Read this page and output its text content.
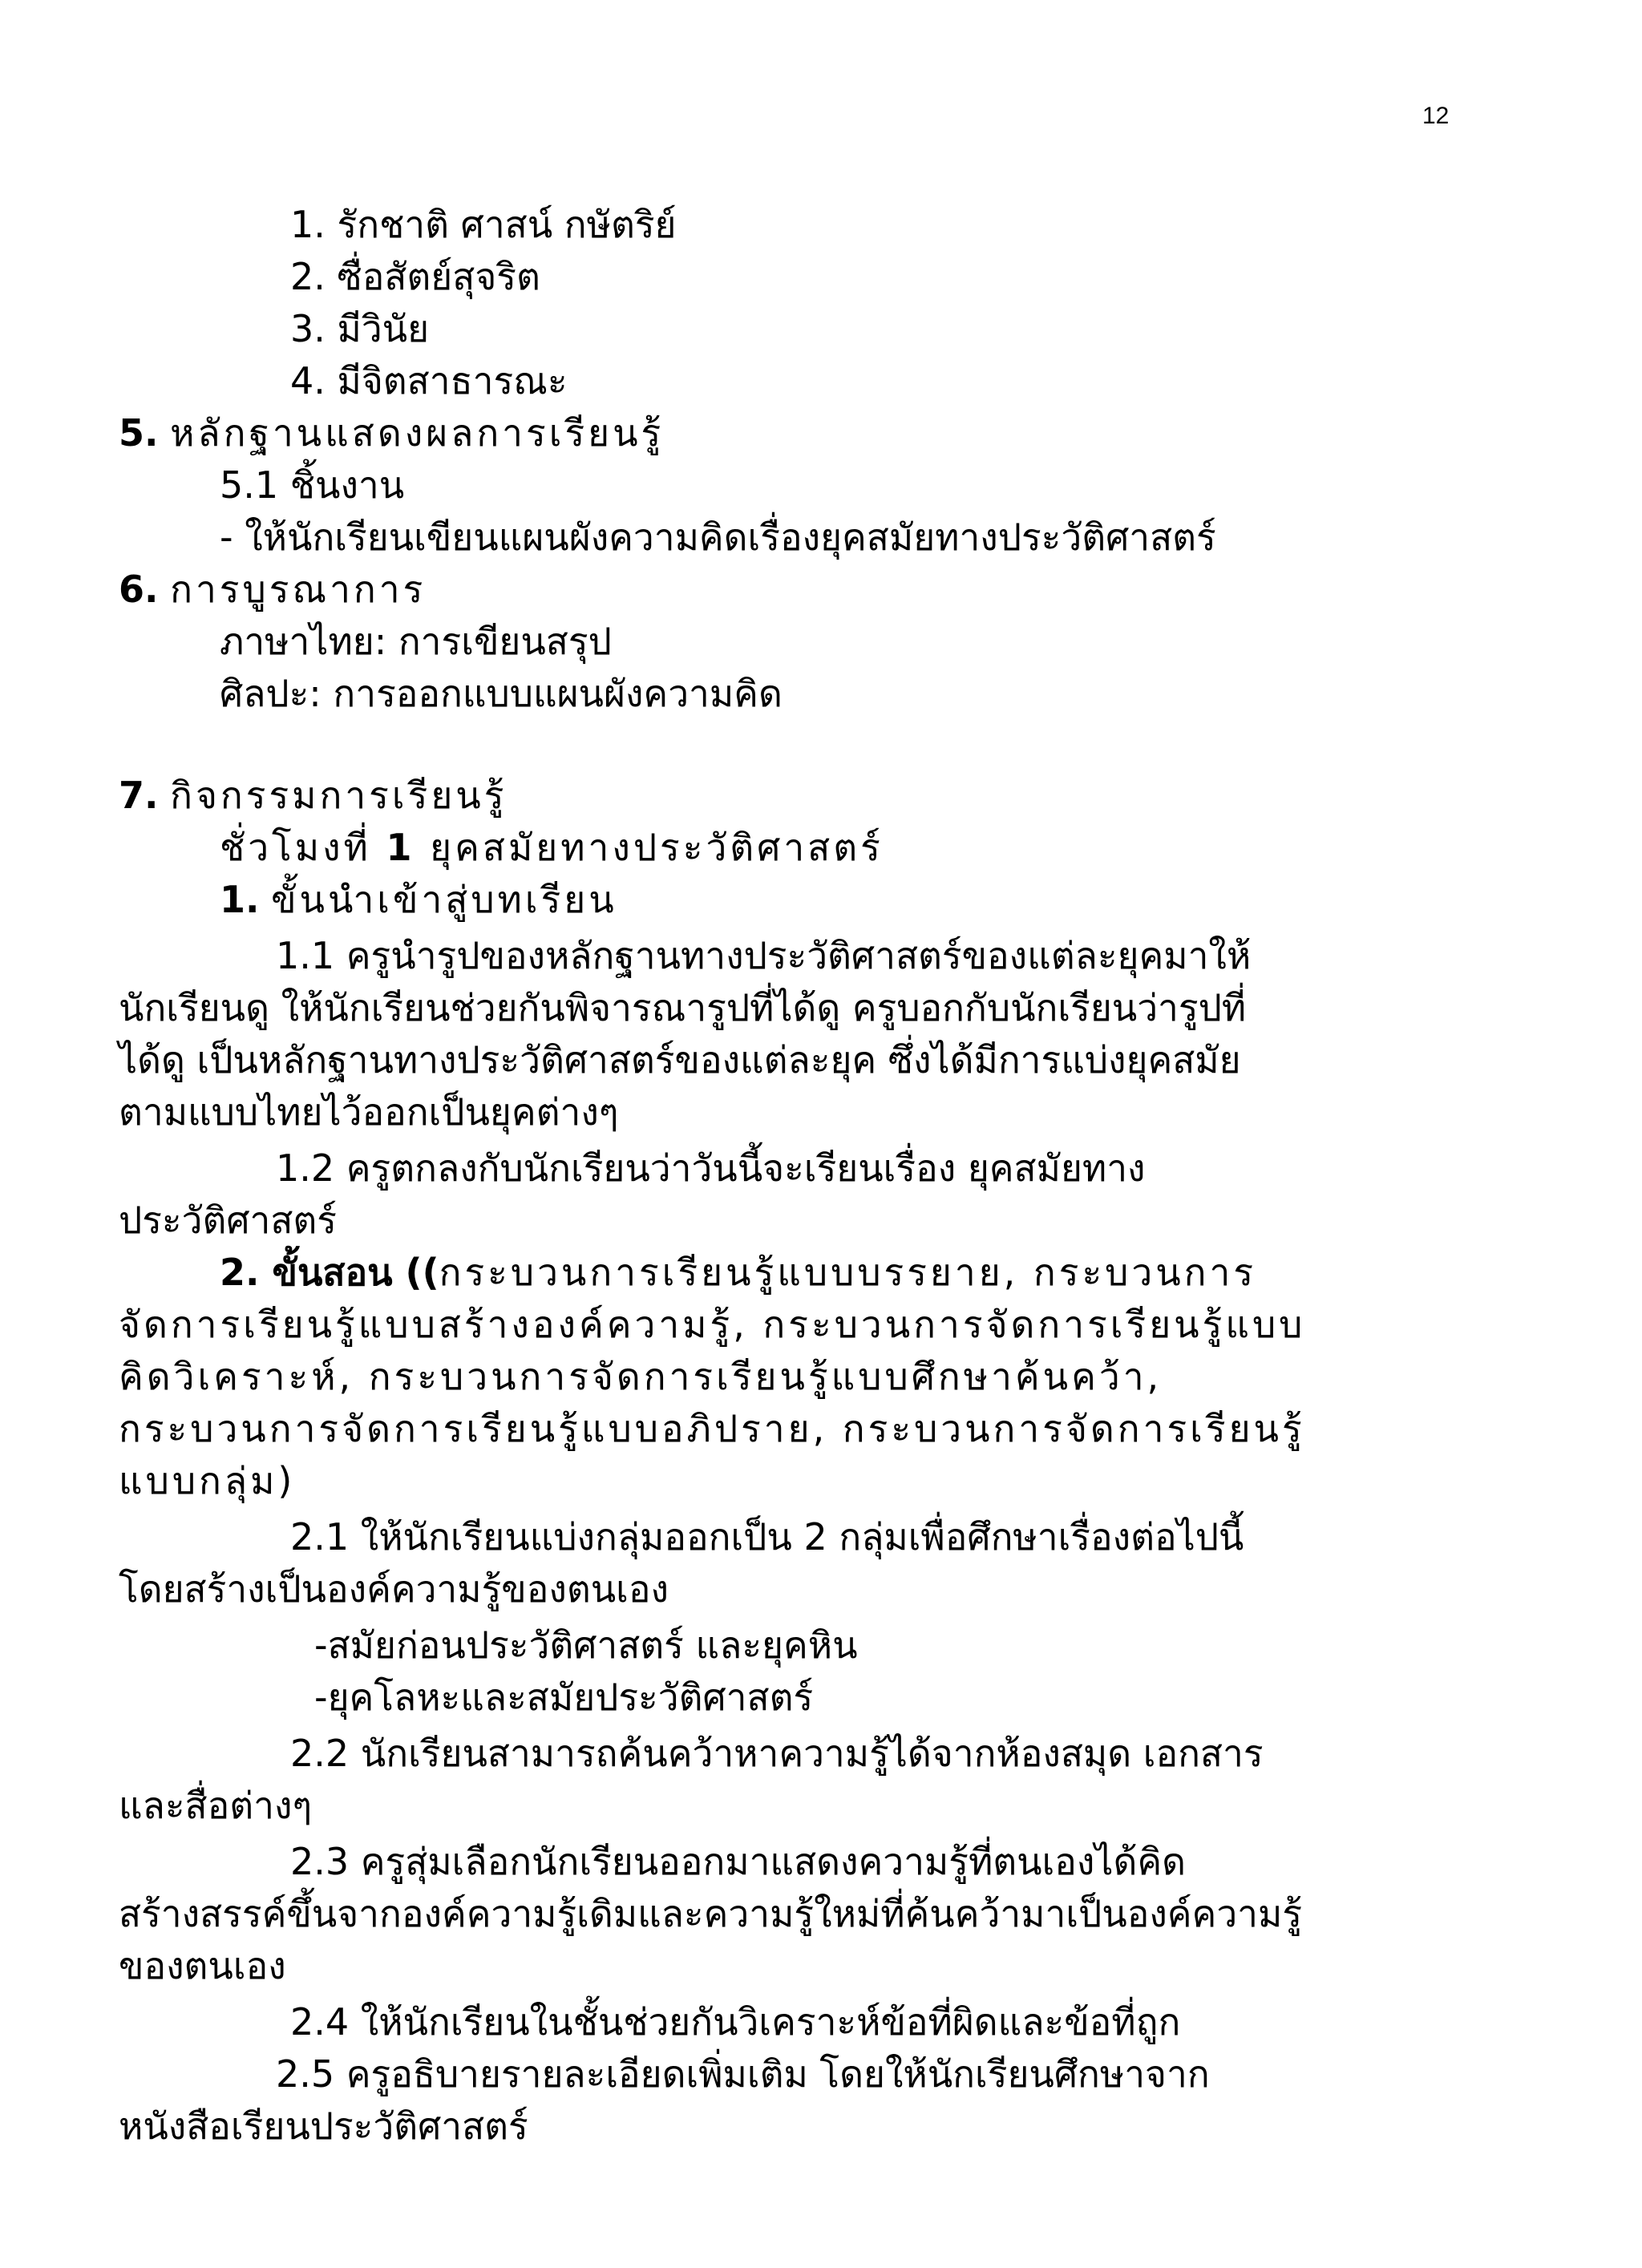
12
1. รักชาติ ศาสน์ กษัตริย์
2. ซื่อสัตย์สุจริต
3. มีวินัย
4. มีจิตสาธารณะ
5. หลักฐานแสดงผลการเรียนรู้
5.1 ชิ้นงาน
- ให้นักเรียนเขียนแผนผังความคิดเรื่องยุคสมัยทางประวัติศาสตร์
6. การบูรณาการ
ภาษาไทย: การเขียนสรุป
ศิลปะ: การออกแบบแผนผังความคิด
7. กิจกรรมการเรียนรู้
ชั่วโมงที่ 1 ยุคสมัยทางประวัติศาสตร์
1. ขั้นนำเข้าสู่บทเรียน
1.1 ครูนำรูปของหลักฐานทางประวัติศาสตร์ของแต่ละยุคมาให้
นักเรียนดู ให้นักเรียนช่วยกันพิจารณารูปที่ได้ดู ครูบอกกับนักเรียนว่ารูปที่
ได้ดู เป็นหลักฐานทางประวัติศาสตร์ของแต่ละยุค ซึ่งได้มีการแบ่งยุคสมัย
ตามแบบไทยไว้ออกเป็นยุคต่างๆ
1.2 ครูตกลงกับนักเรียนว่าวันนี้จะเรียนเรื่อง ยุคสมัยทาง
ประวัติศาสตร์
2. ขั้นสอน ((กระบวนการเรียนรู้แบบบรรยาย, กระบวนการ
จัดการเรียนรู้แบบสร้างองค์ความรู้, กระบวนการจัดการเรียนรู้แบบ
คิดวิเคราะห์, กระบวนการจัดการเรียนรู้แบบศึกษาค้นคว้า,
กระบวนการจัดการเรียนรู้แบบอภิปราย, กระบวนการจัดการเรียนรู้
แบบกลุ่ม)
2.1 ให้นักเรียนแบ่งกลุ่มออกเป็น 2 กลุ่มเพื่อศึกษาเรื่องต่อไปนี้
โดยสร้างเป็นองค์ความรู้ของตนเอง
-สมัยก่อนประวัติศาสตร์ และยุคหิน
-ยุคโลหะและสมัยประวัติศาสตร์
2.2 นักเรียนสามารถค้นคว้าหาความรู้ได้จากห้องสมุด เอกสาร
และสื่อต่างๆ
2.3 ครูสุ่มเลือกนักเรียนออกมาแสดงความรู้ที่ตนเองได้คิด
สร้างสรรค์ขึ้นจากองค์ความรู้เดิมและความรู้ใหม่ที่ค้นคว้ามาเป็นองค์ความรู้
ของตนเอง
2.4 ให้นักเรียนในชั้นช่วยกันวิเคราะห์ข้อที่ผิดและข้อที่ถูก
2.5 ครูอธิบายรายละเอียดเพิ่มเติม โดยให้นักเรียนศึกษาจาก
หนังสือเรียนประวัติศาสตร์
